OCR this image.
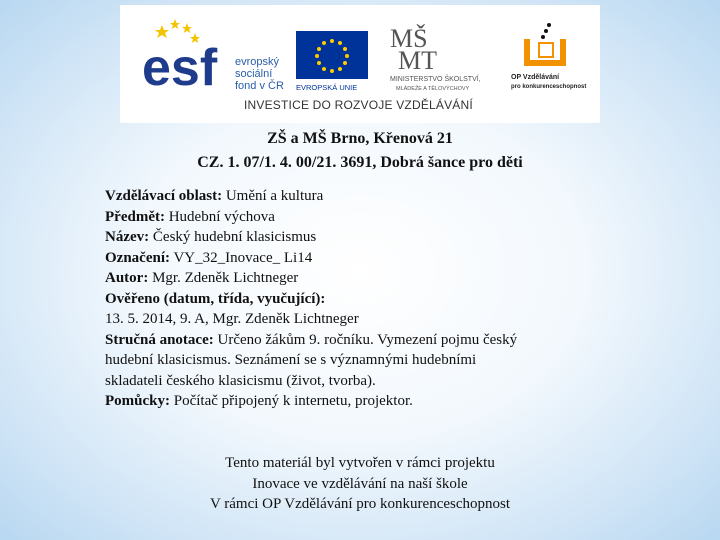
esf evropský
sociální
fond v ČR EVROPSKÁ UNIE
MŠ
MT
MINISTERSTVO ŠKOLSTVÍ,
MLÁDEŽE A TĚLOVÝCHOVY
OP Vzdělávání
pro konkurenceschopnost
INVESTICE DO ROZVOJE VZDĚLÁVÁNÍ
ZŠ a MŠ Brno, Křenová 21
CZ. 1. 07/1. 4. 00/21. 3691, Dobrá šance pro děti
Vzdělávací oblast: Umění a kultura
Předmět: Hudební výchova
Název: Český hudební klasicismus
Označení: VY_32_Inovace_ Li14
Autor: Mgr. Zdeněk Lichtneger
Ověřeno (datum, třída, vyučující):
13. 5. 2014, 9. A, Mgr. Zdeněk Lichtneger
Stručná anotace: Určeno žákům 9. ročníku. Vymezení pojmu český
hudební klasicismus. Seznámení se s významnými hudebními
skladateli českého klasicismu (život, tvorba).
Pomůcky: Počítač připojený k internetu, projektor.
Tento materiál byl vytvořen v rámci projektu
Inovace ve vzdělávání na naší škole
V rámci OP Vzdělávání pro konkurenceschopnost
